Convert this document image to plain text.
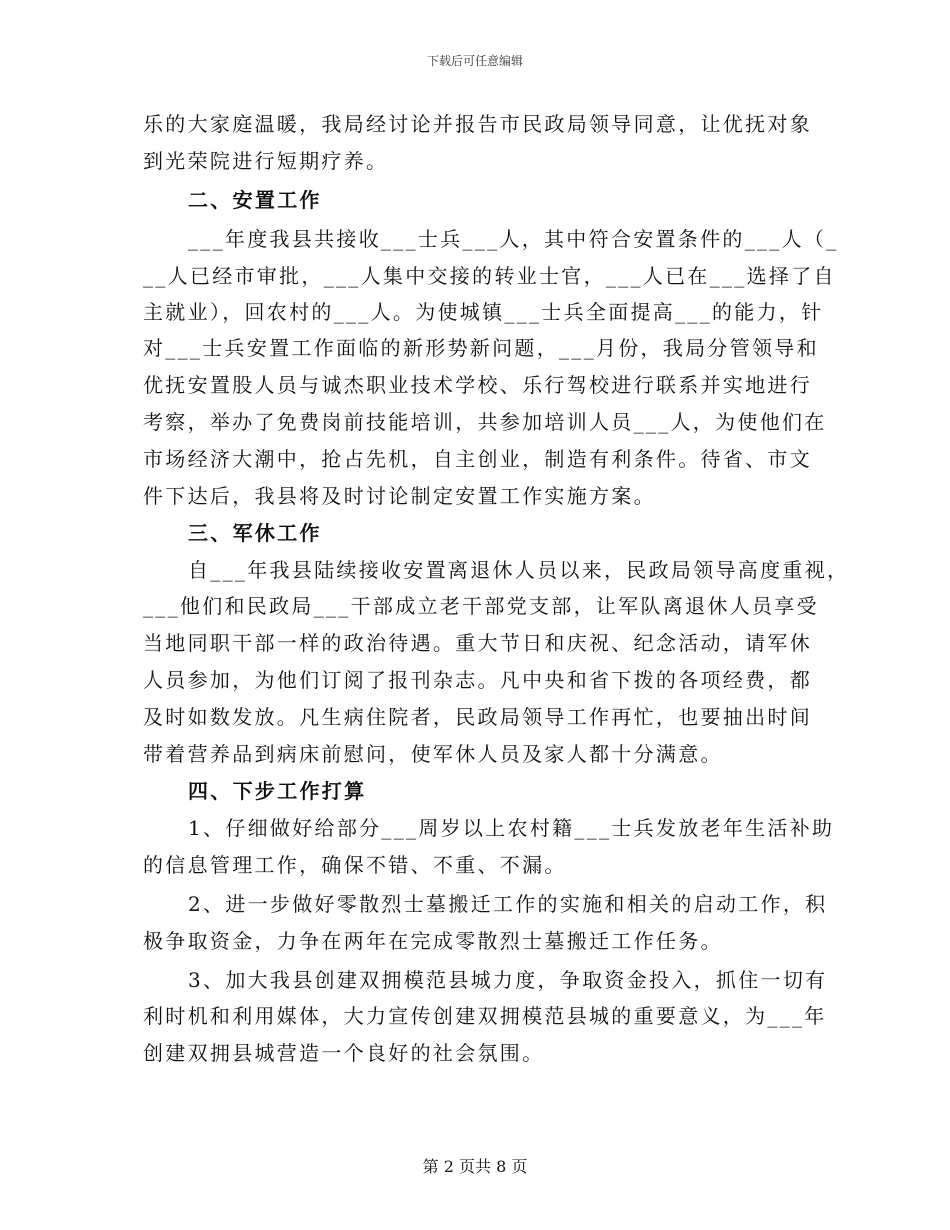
下载后可任意编辑
乐的大家庭温暖，我局经讨论并报告市民政局领导同意，让优抚对象
到光荣院进行短期疗养。
二、安置工作
___年度我县共接收___士兵___人，其中符合安置条件的___人（_
__人已经市审批，___人集中交接的转业士官，___人已在___选择了自
主就业），回农村的___人。为使城镇___士兵全面提高___的能力，针
对___士兵安置工作面临的新形势新问题，___月份，我局分管领导和
优抚安置股人员与诚杰职业技术学校、乐行驾校进行联系并实地进行
考察，举办了免费岗前技能培训，共参加培训人员___人，为使他们在
市场经济大潮中，抢占先机，自主创业，制造有利条件。待省、市文
件下达后，我县将及时讨论制定安置工作实施方案。
三、军休工作
自___年我县陆续接收安置离退休人员以来，民政局领导高度重视，
___他们和民政局___干部成立老干部党支部，让军队离退休人员享受
当地同职干部一样的政治待遇。重大节日和庆祝、纪念活动，请军休
人员参加，为他们订阅了报刊杂志。凡中央和省下拨的各项经费，都
及时如数发放。凡生病住院者，民政局领导工作再忙，也要抽出时间
带着营养品到病床前慰问，使军休人员及家人都十分满意。
四、下步工作打算
1、仔细做好给部分___周岁以上农村籍___士兵发放老年生活补助
的信息管理工作，确保不错、不重、不漏。
2、进一步做好零散烈士墓搬迁工作的实施和相关的启动工作，积
极争取资金，力争在两年在完成零散烈士墓搬迁工作任务。
3、加大我县创建双拥模范县城力度，争取资金投入，抓住一切有
利时机和利用媒体，大力宣传创建双拥模范县城的重要意义，为___年
创建双拥县城营造一个良好的社会氛围。
第 2 页共 8 页
